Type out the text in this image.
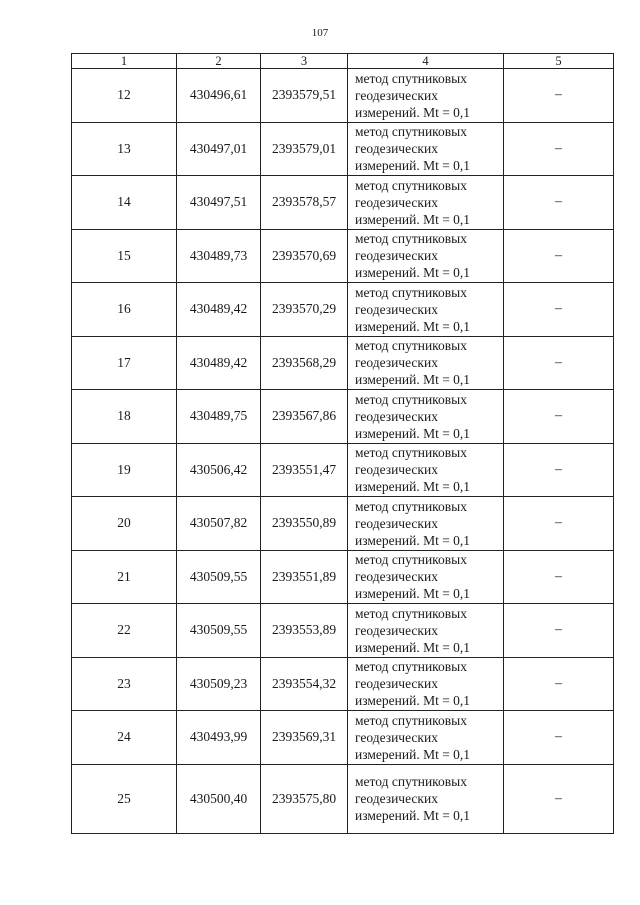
107
1	2	3	4	5
12	430496,61	2393579,51	метод спутниковых
геодезических
измерений. Mt = 0,1	–
13	430497,01	2393579,01	метод спутниковых
геодезических
измерений. Mt = 0,1	–
14	430497,51	2393578,57	метод спутниковых
геодезических
измерений. Mt = 0,1	–
15	430489,73	2393570,69	метод спутниковых
геодезических
измерений. Mt = 0,1	–
16	430489,42	2393570,29	метод спутниковых
геодезических
измерений. Mt = 0,1	–
17	430489,42	2393568,29	метод спутниковых
геодезических
измерений. Mt = 0,1	–
18	430489,75	2393567,86	метод спутниковых
геодезических
измерений. Mt = 0,1	–
19	430506,42	2393551,47	метод спутниковых
геодезических
измерений. Mt = 0,1	–
20	430507,82	2393550,89	метод спутниковых
геодезических
измерений. Mt = 0,1	–
21	430509,55	2393551,89	метод спутниковых
геодезических
измерений. Mt = 0,1	–
22	430509,55	2393553,89	метод спутниковых
геодезических
измерений. Mt = 0,1	–
23	430509,23	2393554,32	метод спутниковых
геодезических
измерений. Mt = 0,1	–
24	430493,99	2393569,31	метод спутниковых
геодезических
измерений. Mt = 0,1	–
25	430500,40	2393575,80	метод спутниковых
геодезических
измерений. Mt = 0,1	–
